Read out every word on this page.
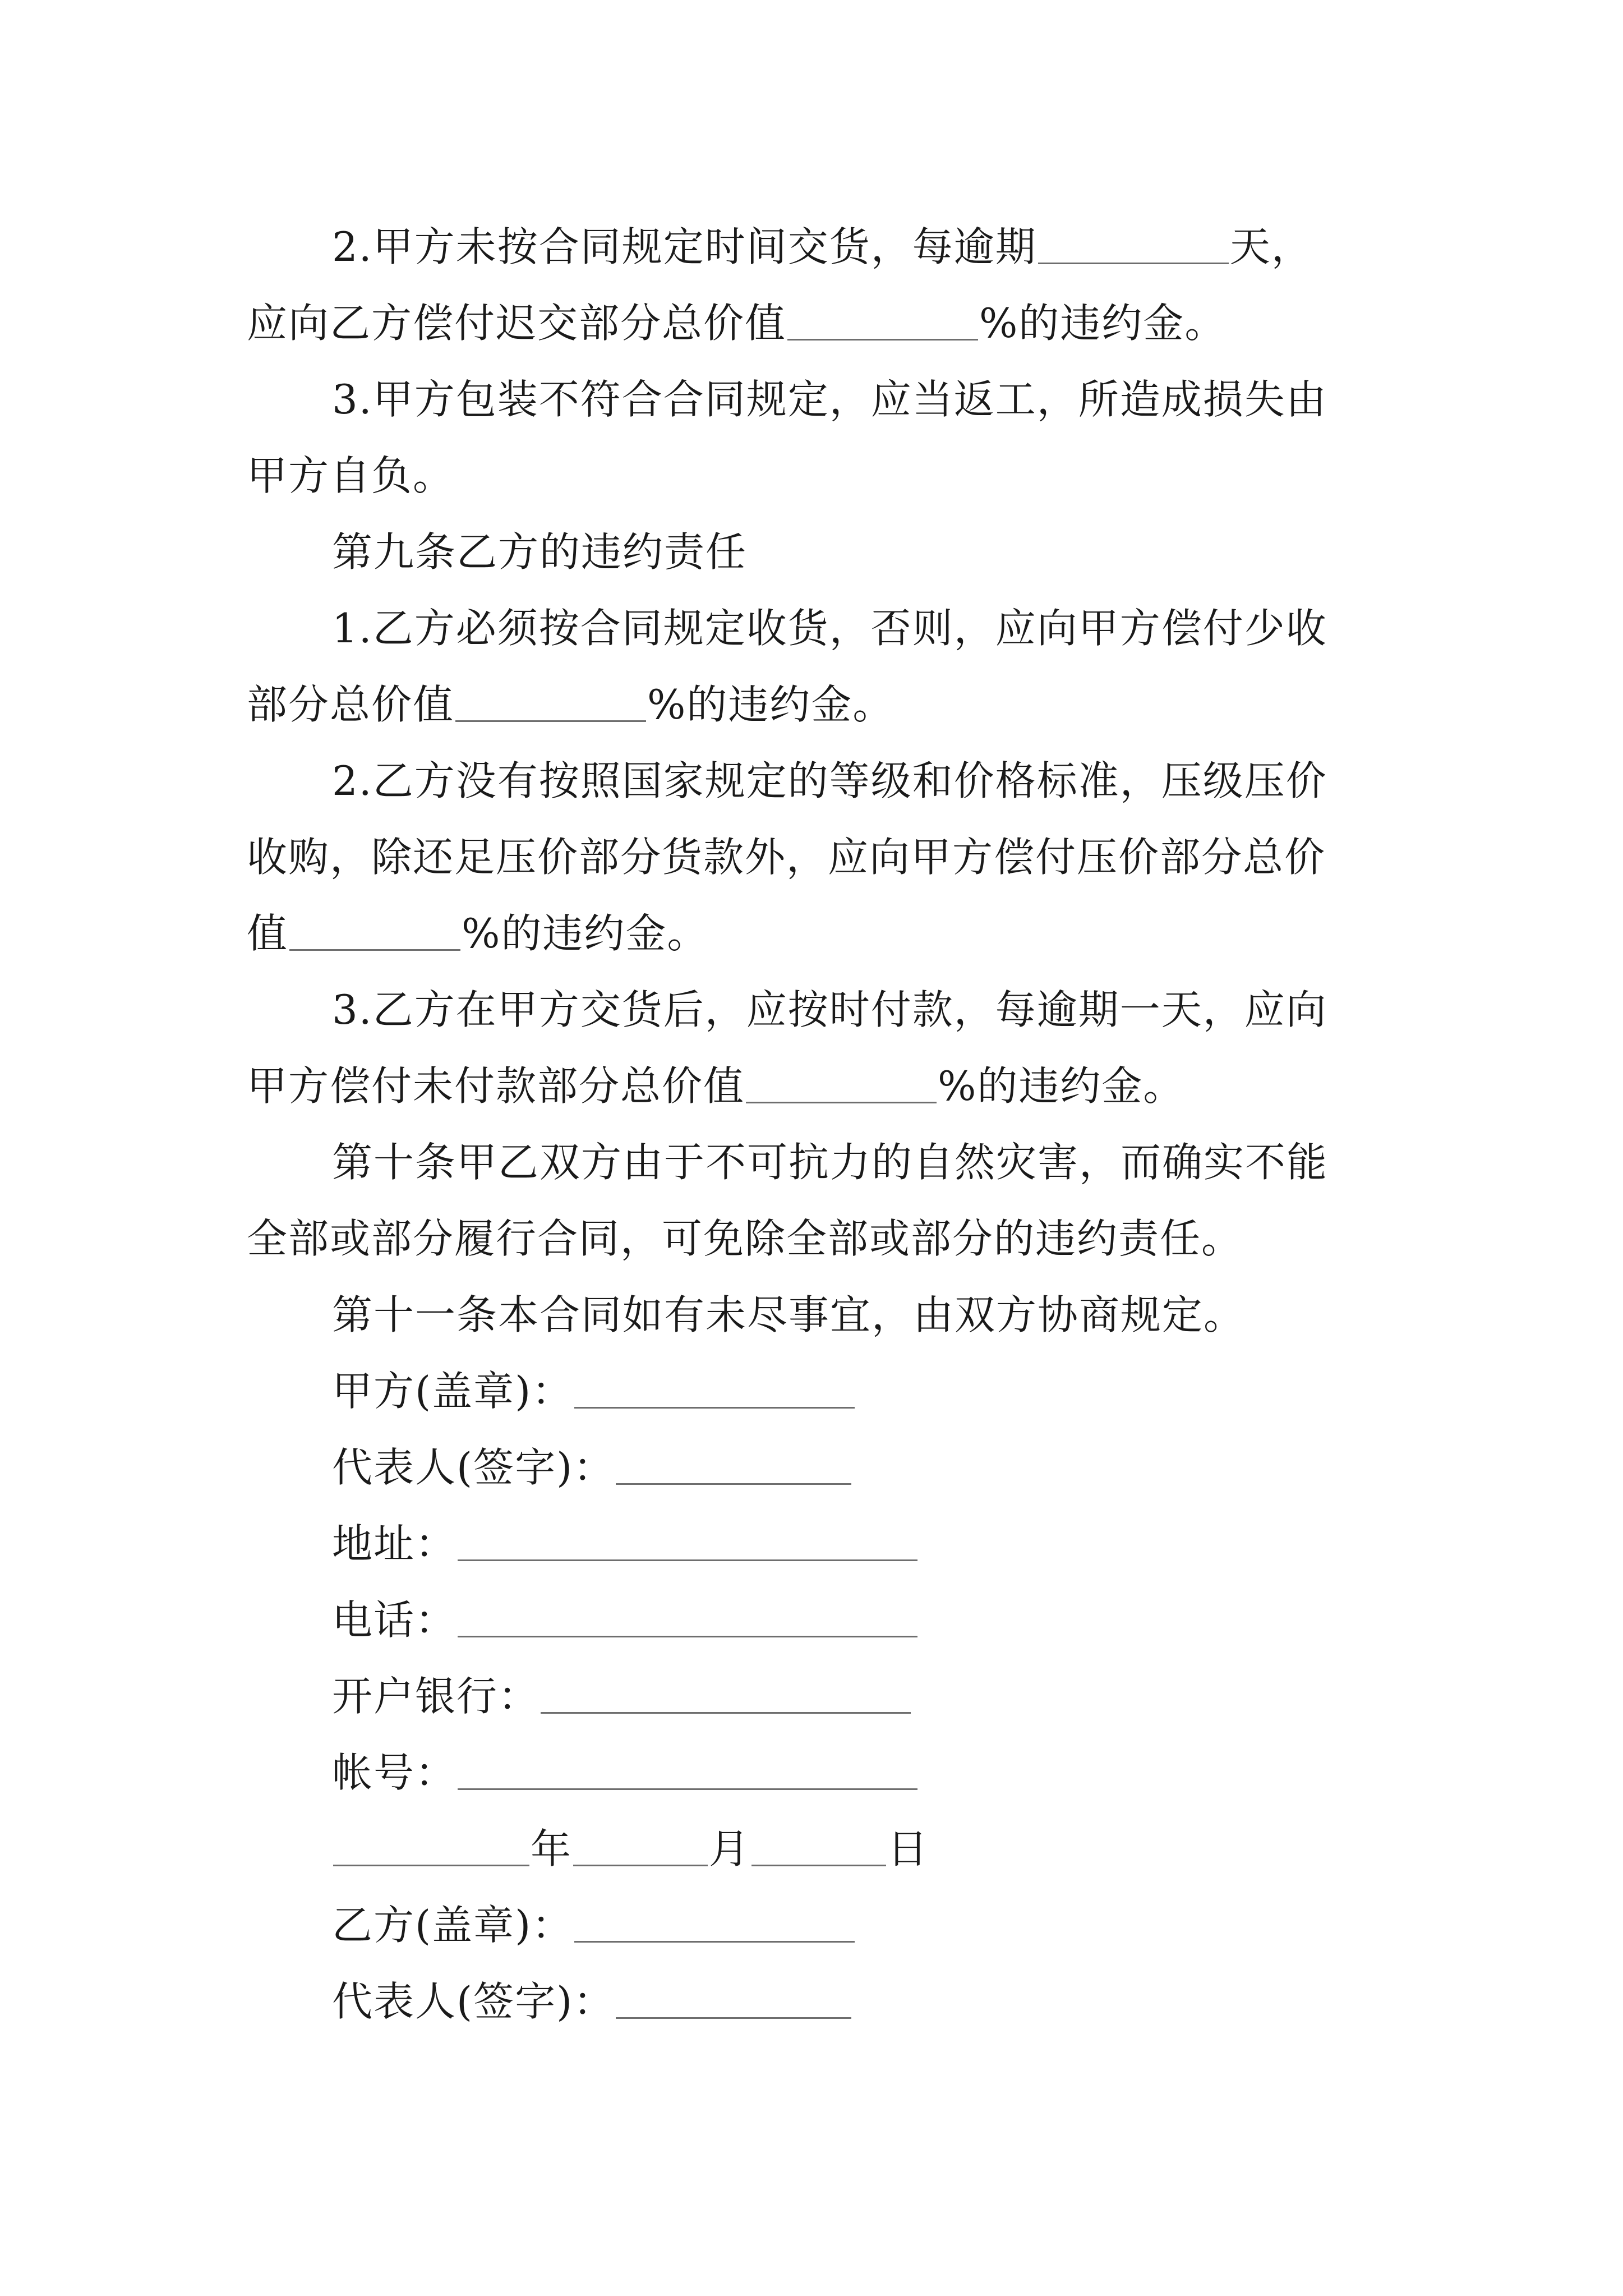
2.甲方未按合同规定时间交货，每逾期	天，

应向乙方偿付迟交部分总价值	%的违约金。

3.甲方包装不符合合同规定，应当返工，所造成损失由

甲方自负。

第九条乙方的违约责任

1.乙方必须按合同规定收货，否则，应向甲方偿付少收

部分总价值	%的违约金。

2.乙方没有按照国家规定的等级和价格标准，压级压价

收购，除还足压价部分货款外，应向甲方偿付压价部分总价

值	%的违约金。

3.乙方在甲方交货后，应按时付款，每逾期一天，应向

甲方偿付未付款部分总价值	%的违约金。

第十条甲乙双方由于不可抗力的自然灾害，而确实不能

全部或部分履行合同，可免除全部或部分的违约责任。

第十一条本合同如有未尽事宜，由双方协商规定。

甲方(盖章)：

代表人(签字)：

地址：

电话：

开户银行：

帐号：

年	月	日

乙方(盖章)：

代表人(签字)：
